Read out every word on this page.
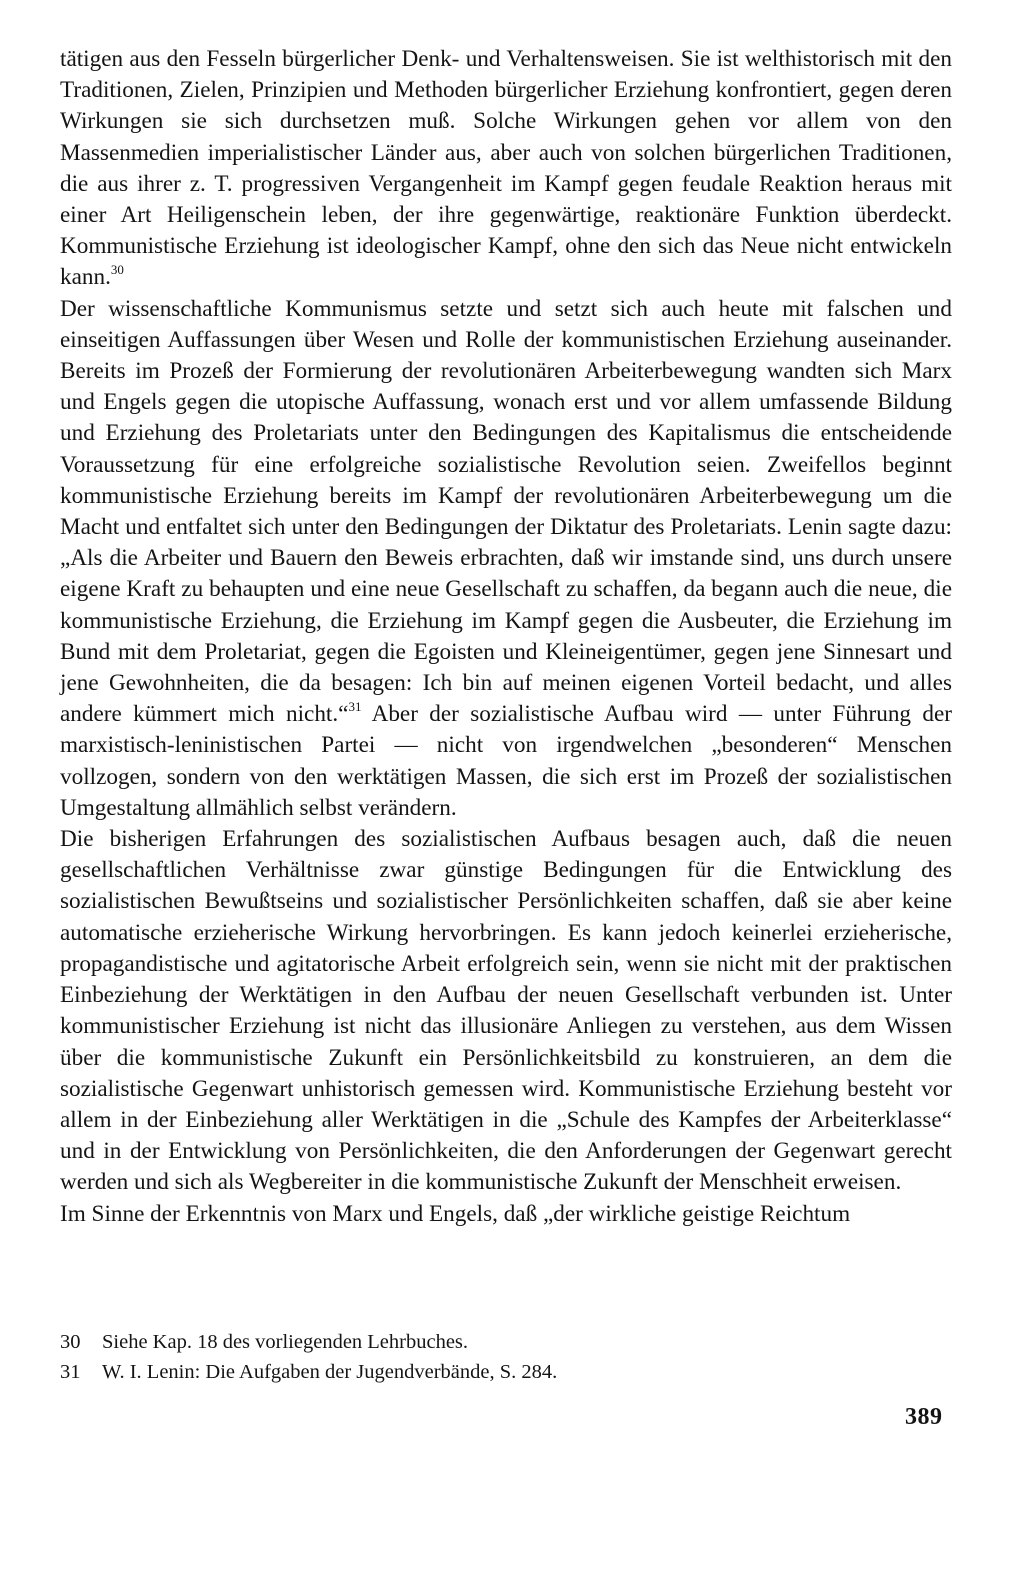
tätigen aus den Fesseln bürgerlicher Denk- und Verhaltensweisen. Sie ist welthistorisch mit den Traditionen, Zielen, Prinzipien und Methoden bürgerlicher Erziehung konfrontiert, gegen deren Wirkungen sie sich durchsetzen muß. Solche Wirkungen gehen vor allem von den Massenmedien imperialistischer Länder aus, aber auch von solchen bürgerlichen Traditionen, die aus ihrer z. T. progressiven Vergangenheit im Kampf gegen feudale Reaktion heraus mit einer Art Heiligenschein leben, der ihre gegenwärtige, reaktionäre Funktion überdeckt. Kommunistische Erziehung ist ideologischer Kampf, ohne den sich das Neue nicht entwickeln kann.$^{30}$

Der wissenschaftliche Kommunismus setzte und setzt sich auch heute mit falschen und einseitigen Auffassungen über Wesen und Rolle der kommunistischen Erziehung auseinander. Bereits im Prozeß der Formierung der revolutionären Arbeiterbewegung wandten sich Marx und Engels gegen die utopische Auffassung, wonach erst und vor allem umfassende Bildung und Erziehung des Proletariats unter den Bedingungen des Kapitalismus die entscheidende Voraussetzung für eine erfolgreiche sozialistische Revolution seien. Zweifellos beginnt kommunistische Erziehung bereits im Kampf der revolutionären Arbeiterbewegung um die Macht und entfaltet sich unter den Bedingungen der Diktatur des Proletariats. Lenin sagte dazu: „Als die Arbeiter und Bauern den Beweis erbrachten, daß wir imstande sind, uns durch unsere eigene Kraft zu behaupten und eine neue Gesellschaft zu schaffen, da begann auch die neue, die kommunistische Erziehung, die Erziehung im Kampf gegen die Ausbeuter, die Erziehung im Bund mit dem Proletariat, gegen die Egoisten und Kleineigentümer, gegen jene Sinnesart und jene Gewohnheiten, die da besagen: Ich bin auf meinen eigenen Vorteil bedacht, und alles andere kümmert mich nicht.“$^{31}$ Aber der sozialistische Aufbau wird — unter Führung der marxistisch-leninistischen Partei — nicht von irgendwelchen „besonderen“ Menschen vollzogen, sondern von den werktätigen Massen, die sich erst im Prozeß der sozialistischen Umgestaltung allmählich selbst verändern.

Die bisherigen Erfahrungen des sozialistischen Aufbaus besagen auch, daß die neuen gesellschaftlichen Verhältnisse zwar günstige Bedingungen für die Entwicklung des sozialistischen Bewußtseins und sozialistischer Persönlichkeiten schaffen, daß sie aber keine automatische erzieherische Wirkung hervorbringen. Es kann jedoch keinerlei erzieherische, propagandistische und agitatorische Arbeit erfolgreich sein, wenn sie nicht mit der praktischen Einbeziehung der Werktätigen in den Aufbau der neuen Gesellschaft verbunden ist. Unter kommunistischer Erziehung ist nicht das illusionäre Anliegen zu verstehen, aus dem Wissen über die kommunistische Zukunft ein Persönlichkeitsbild zu konstruieren, an dem die sozialistische Gegenwart unhistorisch gemessen wird. Kommunistische Erziehung besteht vor allem in der Einbeziehung aller Werktätigen in die „Schule des Kampfes der Arbeiterklasse“ und in der Entwicklung von Persönlichkeiten, die den Anforderungen der Gegenwart gerecht werden und sich als Wegbereiter in die kommunistische Zukunft der Menschheit erweisen.

Im Sinne der Erkenntnis von Marx und Engels, daß „der wirkliche geistige Reichtum

30	Siehe Kap. 18 des vorliegenden Lehrbuches.

31	W. I. Lenin: Die Aufgaben der Jugendverbände, S. 284.

389
